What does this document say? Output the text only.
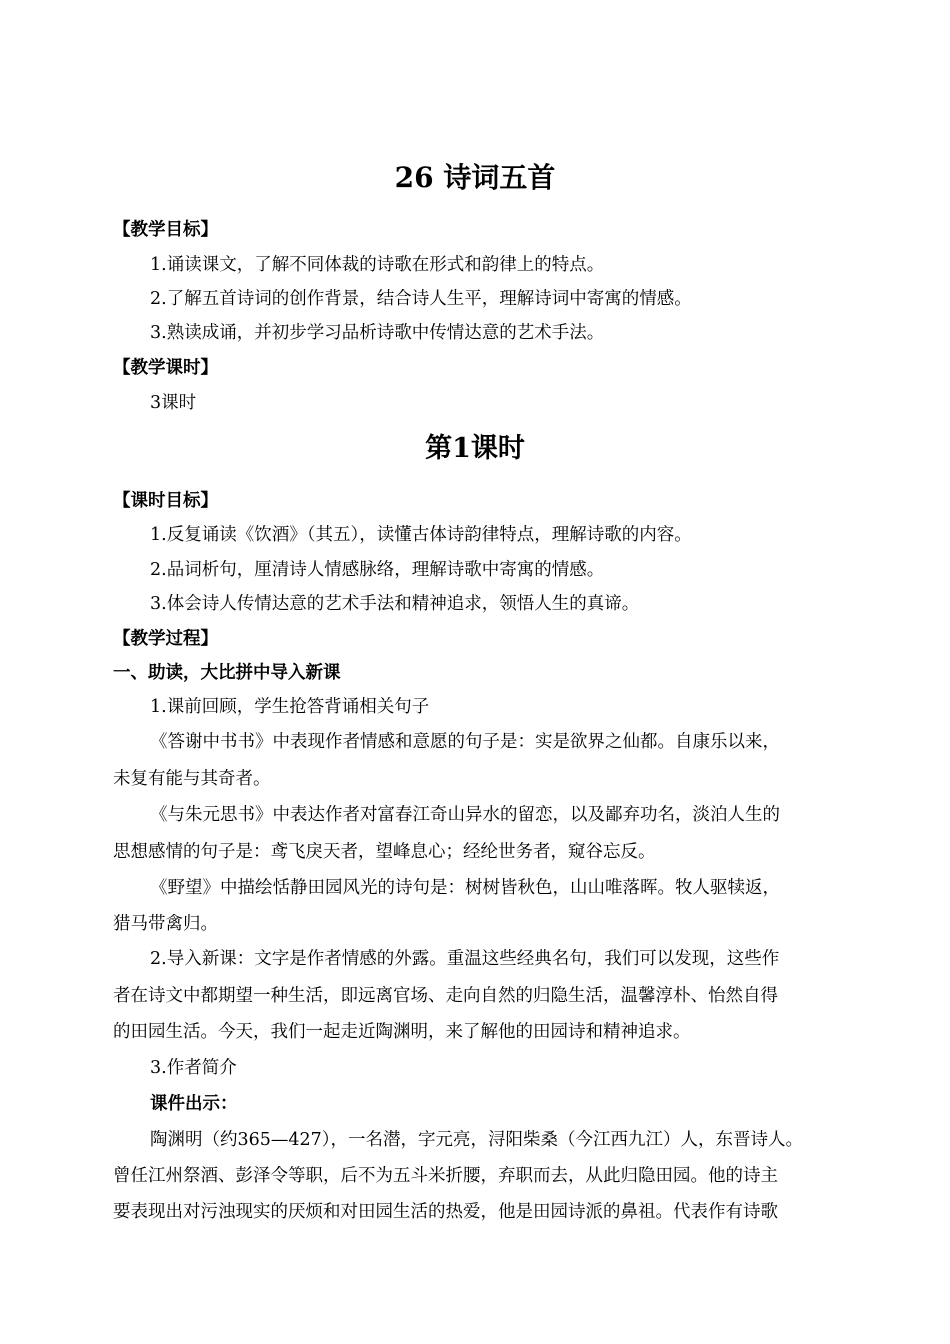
26 诗词五首
【教学目标】
1.诵读课文，了解不同体裁的诗歌在形式和韵律上的特点。
2.了解五首诗词的创作背景，结合诗人生平，理解诗词中寄寓的情感。
3.熟读成诵，并初步学习品析诗歌中传情达意的艺术手法。
【教学课时】
3课时
第1课时
【课时目标】
1.反复诵读《饮酒》（其五），读懂古体诗韵律特点，理解诗歌的内容。
2.品词析句，厘清诗人情感脉络，理解诗歌中寄寓的情感。
3.体会诗人传情达意的艺术手法和精神追求，领悟人生的真谛。
【教学过程】
一、助读，大比拼中导入新课
1.课前回顾，学生抢答背诵相关句子
《答谢中书书》中表现作者情感和意愿的句子是：实是欲界之仙都。自康乐以来，
未复有能与其奇者。
《与朱元思书》中表达作者对富春江奇山异水的留恋，以及鄙弃功名，淡泊人生的
思想感情的句子是：鸢飞戾天者，望峰息心；经纶世务者，窥谷忘反。
《野望》中描绘恬静田园风光的诗句是：树树皆秋色，山山唯落晖。牧人驱犊返，
猎马带禽归。
2.导入新课：文字是作者情感的外露。重温这些经典名句，我们可以发现，这些作
者在诗文中都期望一种生活，即远离官场、走向自然的归隐生活，温馨淳朴、怡然自得
的田园生活。今天，我们一起走近陶渊明，来了解他的田园诗和精神追求。
3.作者简介
课件出示：
陶渊明（约365—427），一名潜，字元亮，浔阳柴桑（今江西九江）人，东晋诗人。
曾任江州祭酒、彭泽令等职，后不为五斗米折腰，弃职而去，从此归隐田园。他的诗主
要表现出对污浊现实的厌烦和对田园生活的热爱，他是田园诗派的鼻祖。代表作有诗歌
